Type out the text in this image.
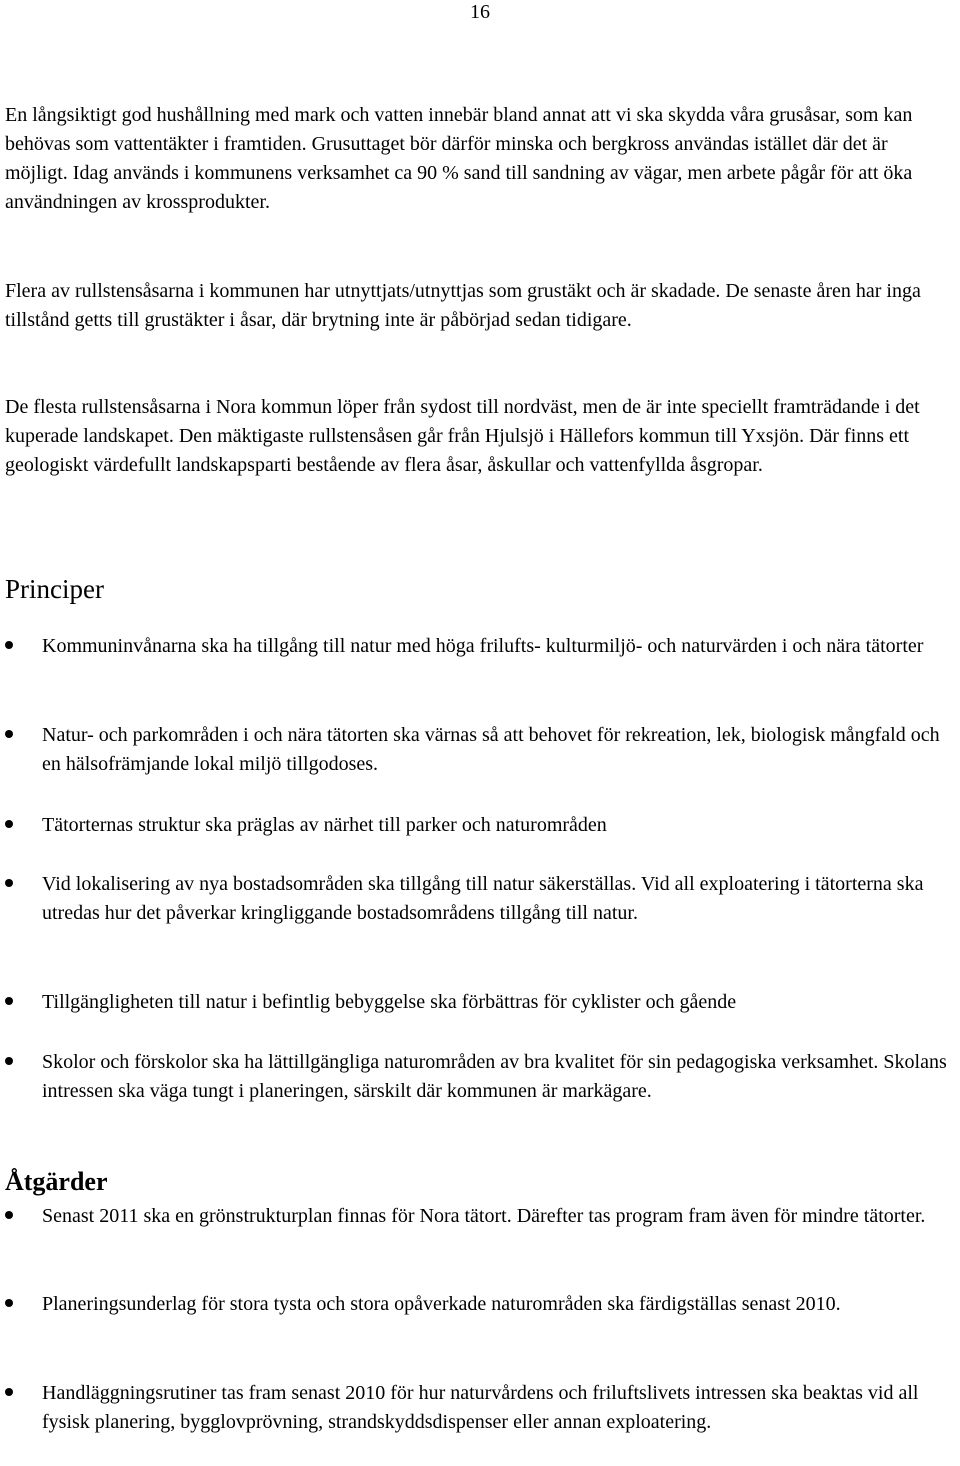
16

En långsiktigt god hushållning med mark och vatten innebär bland annat att vi ska skydda våra grusåsar, som kan behövas som vattentäkter i framtiden. Grusuttaget bör därför minska och bergkross användas istället där det är möjligt. Idag används i kommunens verksamhet ca 90 % sand till sandning av vägar, men arbete pågår för att öka användningen av krossprodukter.

Flera av rullstensåsarna i kommunen har utnyttjats/utnyttjas som grustäkt och är skadade. De senaste åren har inga tillstånd getts till grustäkter i åsar, där brytning inte är påbörjad sedan tidigare.

De flesta rullstensåsarna i Nora kommun löper från sydost till nordväst, men de är inte speciellt framträdande i det kuperade landskapet. Den mäktigaste rullstensåsen går från Hjulsjö i Hällefors kommun till Yxsjön. Där finns ett geologiskt värdefullt landskapsparti bestående av flera åsar, åskullar och vattenfyllda åsgropar.

Principer

Kommuninvånarna ska ha tillgång till natur med höga frilufts- kulturmiljö- och naturvärden i och nära tätorter

Natur- och parkområden i och nära tätorten ska värnas så att behovet för rekreation, lek, biologisk mångfald och en hälsofrämjande lokal miljö tillgodoses.

Tätorternas struktur ska präglas av närhet till parker och naturområden

Vid lokalisering av nya bostadsområden ska tillgång till natur säkerställas. Vid all exploatering i tätorterna ska utredas hur det påverkar kringliggande bostadsområdens tillgång till natur.

Tillgängligheten till natur i befintlig bebyggelse ska förbättras för cyklister och gående

Skolor och förskolor ska ha lättillgängliga naturområden av bra kvalitet för sin pedagogiska verksamhet. Skolans intressen ska väga tungt i planeringen, särskilt där kommunen är markägare.

Åtgärder

Senast 2011 ska en grönstrukturplan finnas för Nora tätort. Därefter tas program fram även för mindre tätorter.

Planeringsunderlag för stora tysta och stora opåverkade naturområden ska färdigställas senast 2010.

Handläggningsrutiner tas fram senast 2010 för hur naturvårdens och friluftslivets intressen ska beaktas vid all fysisk planering, bygglovprövning, strandskyddsdispenser eller annan exploatering.
